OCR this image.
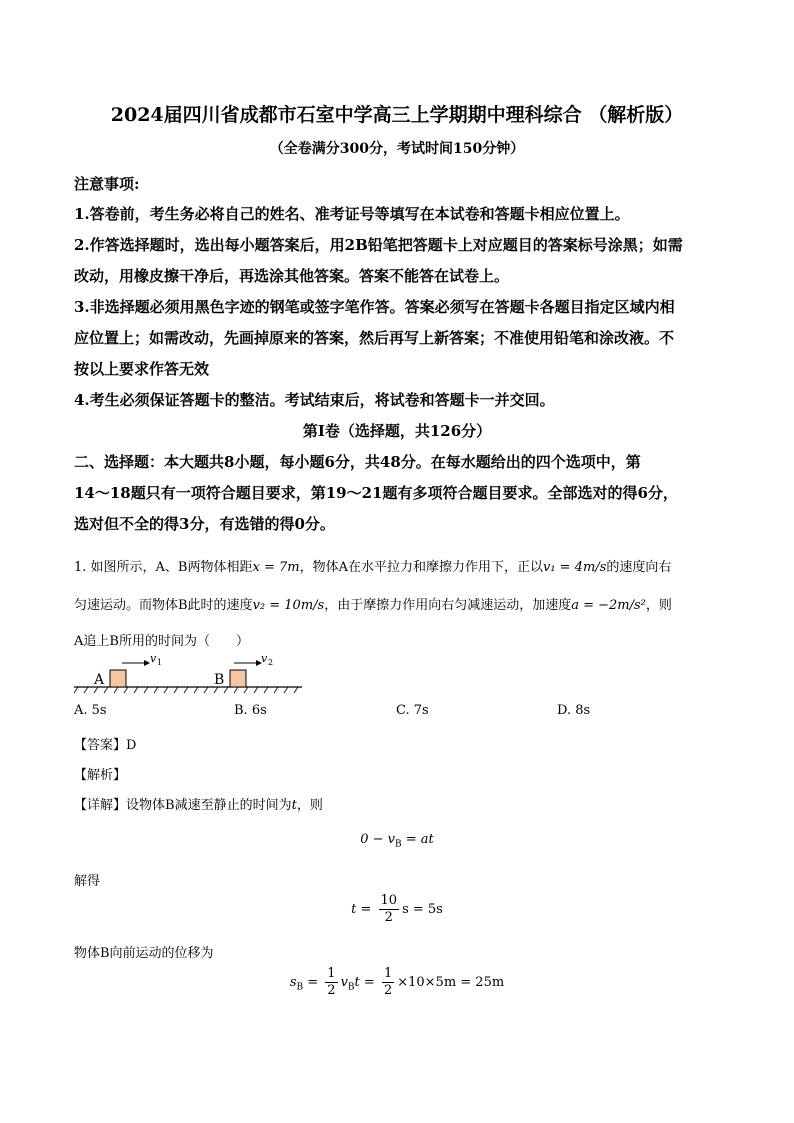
2024届四川省成都市石室中学高三上学期期中理科综合 （解析版）
（全卷满分300分，考试时间150分钟）
注意事项:
1.答卷前，考生务必将自己的姓名、准考证号等填写在本试卷和答题卡相应位置上。
2.作答选择题时，选出每小题答案后，用2B铅笔把答题卡上对应题目的答案标号涂黑；如需
改动，用橡皮擦干净后，再选涂其他答案。答案不能答在试卷上。
3.非选择题必须用黑色字迹的钢笔或签字笔作答。答案必须写在答题卡各题目指定区域内相
应位置上；如需改动，先画掉原来的答案，然后再写上新答案；不准使用铅笔和涂改液。不
按以上要求作答无效
4.考生必须保证答题卡的整洁。考试结束后，将试卷和答题卡一并交回。
第I卷（选择题，共126分）
二、选择题：本大题共8小题，每小题6分，共48分。在每水题给出的四个选项中，第
14～18题只有一项符合题目要求，第19～21题有多项符合题目要求。全部选对的得6分，
选对但不全的得3分，有选错的得0分。
1. 如图所示，A、B两物体相距x = 7m，物体A在水平拉力和摩擦力作用下，正以v₁ = 4m/s的速度向右
匀速运动。而物体B此时的速度v₂ = 10m/s，由于摩擦力作用向右匀减速运动，加速度a = −2m/s²，则
A追上B所用的时间为（　　）
A
v 1
B
v 2
A. 5s	B. 6s	C. 7s	D. 8s
【答案】D
【解析】
【详解】设物体B减速至静止的时间为t，则
$0 - v_B$ = at
解得
$t = \frac{10}{2}$ s = 5s
物体B向前运动的位移为
$s_B = \frac{1}{2} v_Bt = \frac{1}{2} \times 10\times 5m = 25m$
